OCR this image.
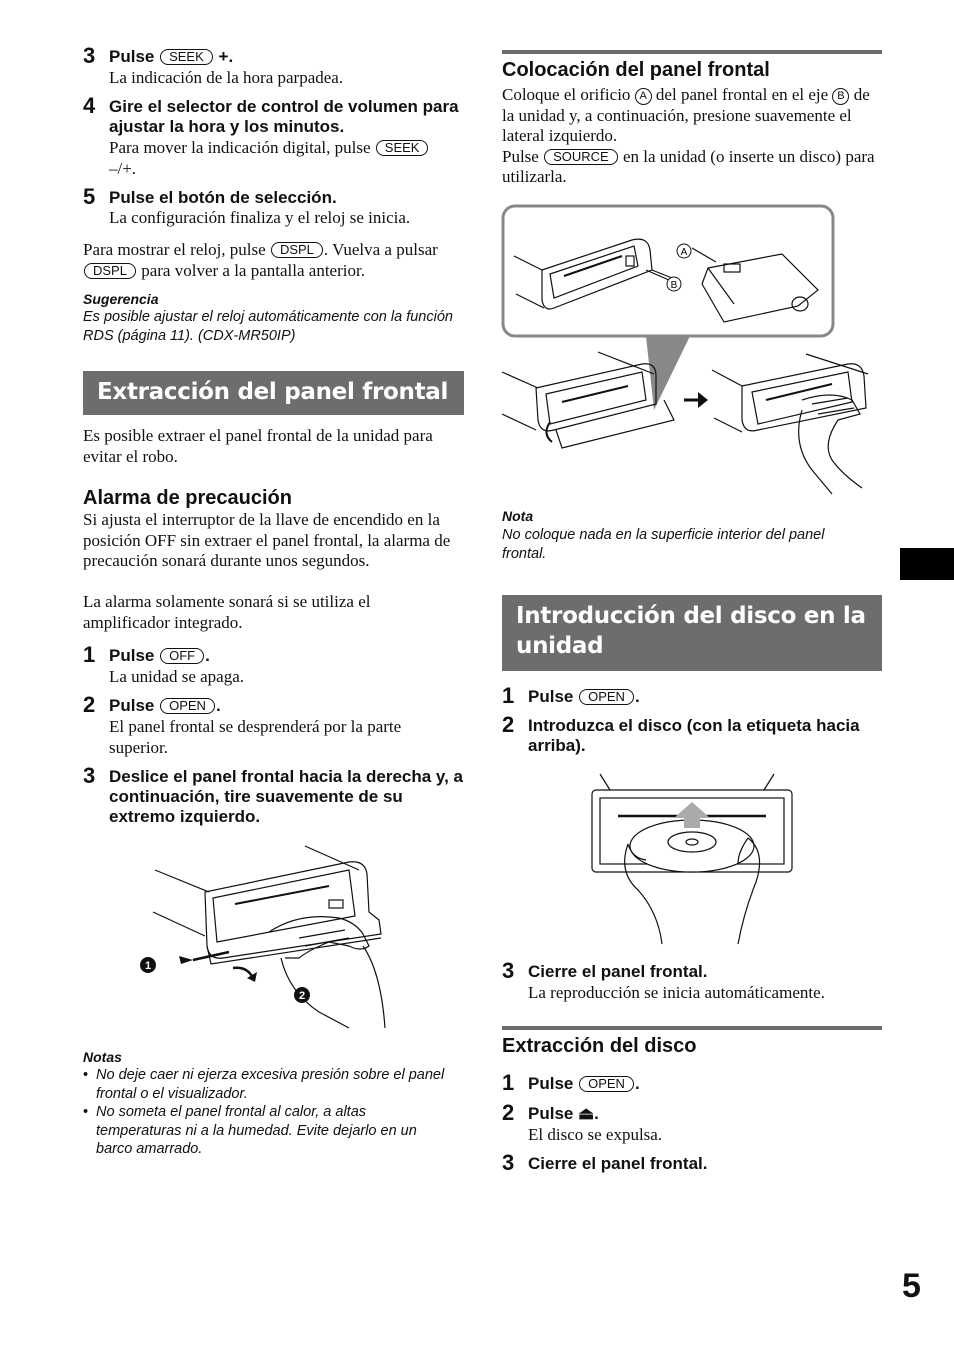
3 Pulse SEEK +.
La indicación de la hora parpadea.
4 Gire el selector de control de volumen para ajustar la hora y los minutos.
Para mover la indicación digital, pulse SEEK –/+.
5 Pulse el botón de selección.
La configuración finaliza y el reloj se inicia.
Para mostrar el reloj, pulse DSPL . Vuelva a pulsar DSPL para volver a la pantalla anterior.
Sugerencia
Es posible ajustar el reloj automáticamente con la función RDS (página 11). (CDX-MR50IP)
Extracción del panel frontal
Es posible extraer el panel frontal de la unidad para evitar el robo.
Alarma de precaución
Si ajusta el interruptor de la llave de encendido en la posición OFF sin extraer el panel frontal, la alarma de precaución sonará durante unos segundos.
La alarma solamente sonará si se utiliza el amplificador integrado.
1 Pulse OFF .
La unidad se apaga.
2 Pulse OPEN .
El panel frontal se desprenderá por la parte superior.
3 Deslice el panel frontal hacia la derecha y, a continuación, tire suavemente de su extremo izquierdo.
1
2
Notas
• No deje caer ni ejerza excesiva presión sobre el panel frontal o el visualizador.
• No someta el panel frontal al calor, a altas temperaturas ni a la humedad. Evite dejarlo en un barco amarrado.
Colocación del panel frontal
Coloque el orificio A del panel frontal en el eje B de la unidad y, a continuación, presione suavemente el lateral izquierdo.
Pulse SOURCE en la unidad (o inserte un disco) para utilizarla.
A
B
Nota
No coloque nada en la superficie interior del panel frontal.
Introducción del disco en la unidad
1 Pulse OPEN .
2 Introduzca el disco (con la etiqueta hacia arriba).
3 Cierre el panel frontal.
La reproducción se inicia automáticamente.
Extracción del disco
1 Pulse OPEN .
2 Pulse ⏏.
El disco se expulsa.
3 Cierre el panel frontal.
5
